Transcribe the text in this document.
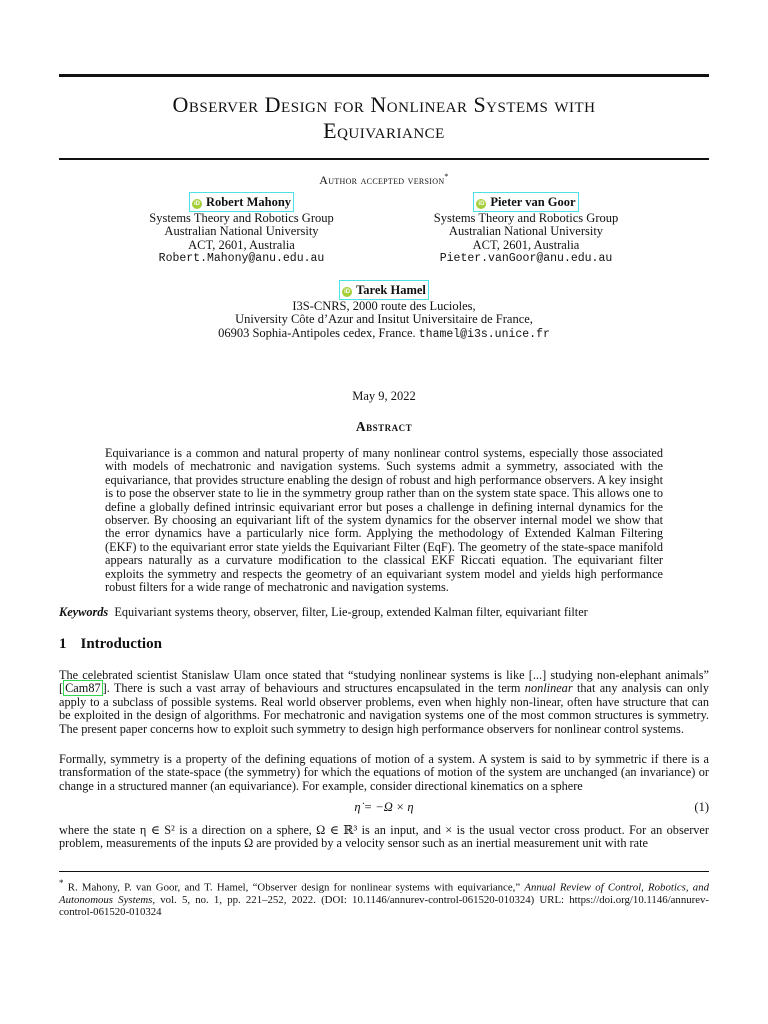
Observer Design for Nonlinear Systems with
Equivariance
Author accepted version*
iD Robert Mahony
Systems Theory and Robotics Group
Australian National University
ACT, 2601, Australia
Robert.Mahony@anu.edu.au
iD Pieter van Goor
Systems Theory and Robotics Group
Australian National University
ACT, 2601, Australia
Pieter.vanGoor@anu.edu.au
iD Tarek Hamel
I3S-CNRS, 2000 route des Lucioles,
University Côte d’Azur and Insitut Universitaire de France,
06903 Sophia-Antipoles cedex, France. thamel@i3s.unice.fr
May 9, 2022
Abstract
Equivariance is a common and natural property of many nonlinear control systems, especially those associated with models of mechatronic and navigation systems. Such systems admit a symmetry, associated with the equivariance, that provides structure enabling the design of robust and high performance observers. A key insight is to pose the observer state to lie in the symmetry group rather than on the system state space. This allows one to define a globally defined intrinsic equivariant error but poses a challenge in defining internal dynamics for the observer. By choosing an equivariant lift of the system dynamics for the observer internal model we show that the error dynamics have a particularly nice form. Applying the methodology of Extended Kalman Filtering (EKF) to the equivariant error state yields the Equivariant Filter (EqF). The geometry of the state-space manifold appears naturally as a curvature modification to the classical EKF Riccati equation. The equivariant filter exploits the symmetry and respects the geometry of an equivariant system model and yields high performance robust filters for a wide range of mechatronic and navigation systems.
Keywords Equivariant systems theory, observer, filter, Lie-group, extended Kalman filter, equivariant filter
1 Introduction
The celebrated scientist Stanislaw Ulam once stated that “studying nonlinear systems is like [...] studying non-elephant animals” [ Cam87 ]. There is such a vast array of behaviours and structures encapsulated in the term nonlinear that any analysis can only apply to a subclass of possible systems. Real world observer problems, even when highly non-linear, often have structure that can be exploited in the design of algorithms. For mechatronic and navigation systems one of the most common structures is symmetry. The present paper concerns how to exploit such symmetry to design high performance observers for nonlinear control systems.
Formally, symmetry is a property of the defining equations of motion of a system. A system is said to by symmetric if there is a transformation of the state-space (the symmetry) for which the equations of motion of the system are unchanged (an invariance) or change in a structured manner (an equivariance). For example, consider directional kinematics on a sphere
η̇ = −Ω × η	(1)
where the state η ∈ S² is a direction on a sphere, Ω ∈ ℝ³ is an input, and × is the usual vector cross product. For an observer problem, measurements of the inputs Ω are provided by a velocity sensor such as an inertial measurement unit with rate
* R. Mahony, P. van Goor, and T. Hamel, “Observer design for nonlinear systems with equivariance,” Annual Review of Control, Robotics, and Autonomous Systems, vol. 5, no. 1, pp. 221–252, 2022. (DOI: 10.1146/annurev-control-061520-010324) URL: https://doi.org/10.1146/annurev-control-061520-010324
